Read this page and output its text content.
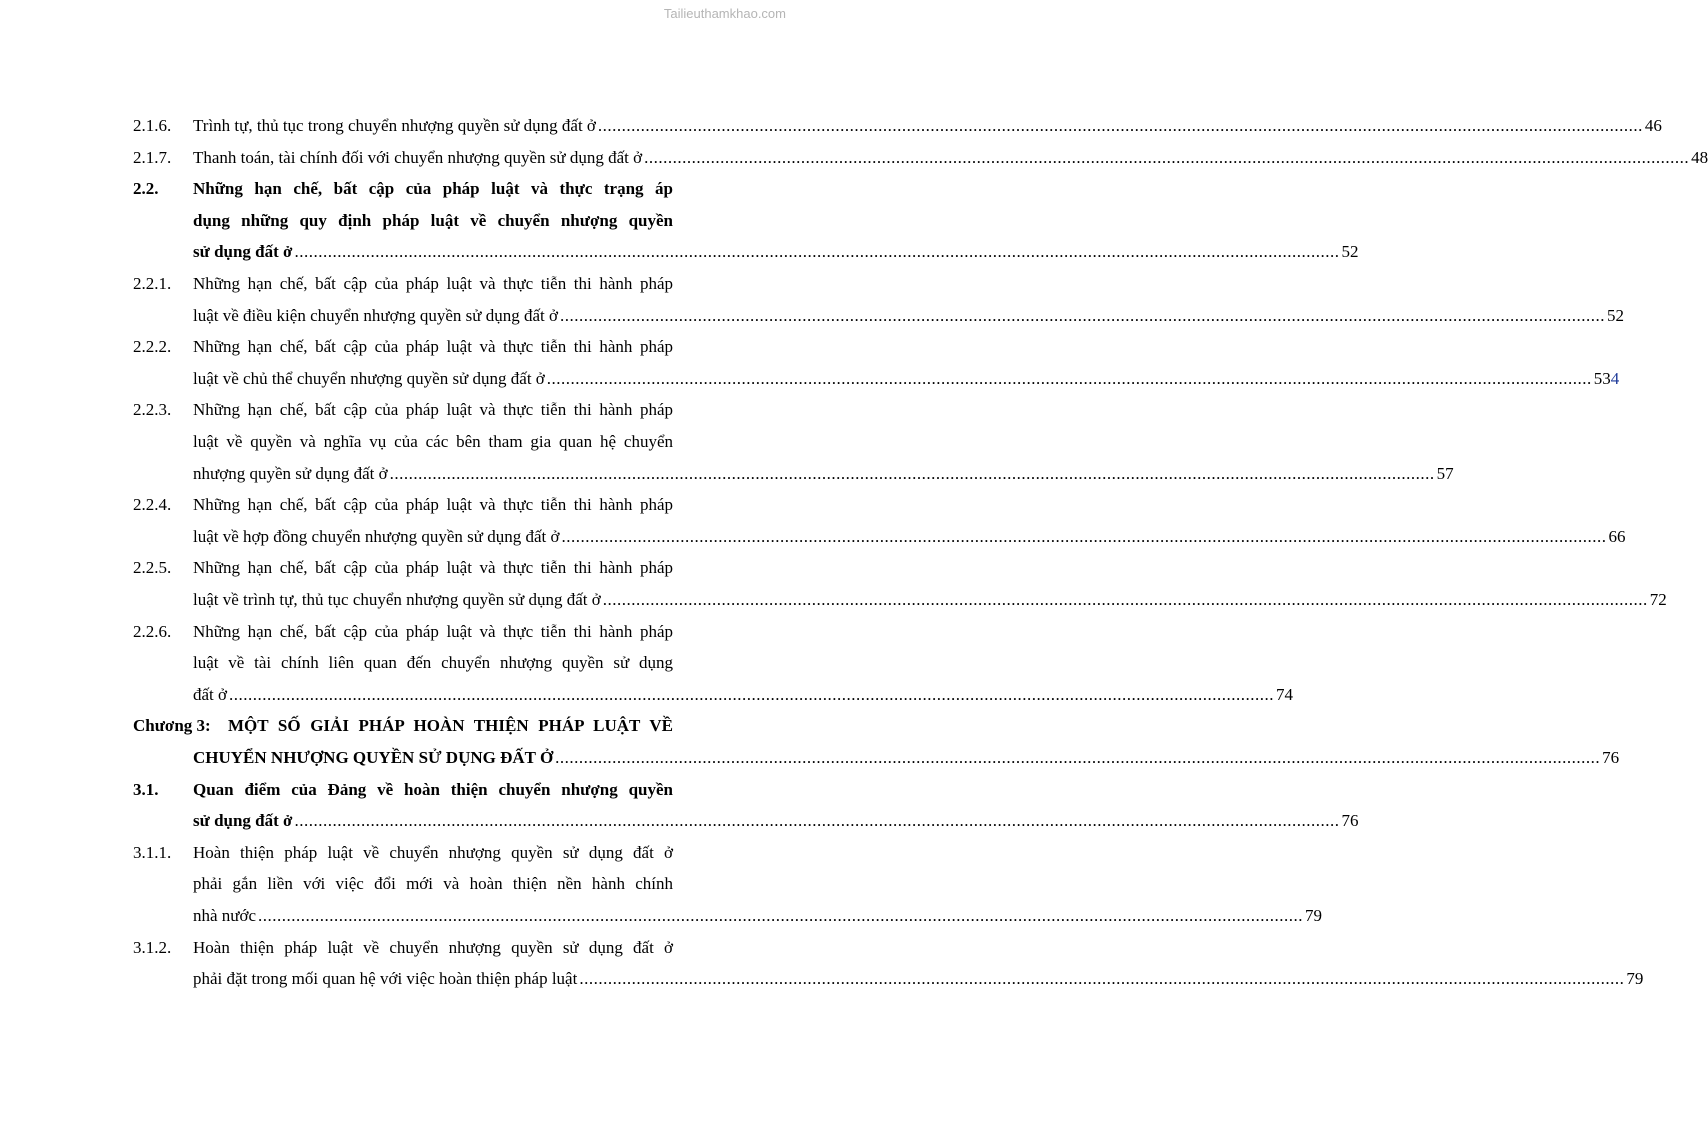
Tailieuthamkhao.com
2.1.6. Trình tự, thủ tục trong chuyển nhượng quyền sử dụng đất ở ............................................................................................................................................................................................................................ 46
2.1.7. Thanh toán, tài chính đối với chuyển nhượng quyền sử dụng đất ở ............................................................................................................................................................................................................................ 48
2.2. Những hạn chế, bất cập của pháp luật và thực trạng áp
dụng những quy định pháp luật về chuyển nhượng quyền
sử dụng đất ở ............................................................................................................................................................................................................................ 52
2.2.1. Những hạn chế, bất cập của pháp luật và thực tiễn thi hành pháp
luật về điều kiện chuyển nhượng quyền sử dụng đất ở ............................................................................................................................................................................................................................ 52
2.2.2. Những hạn chế, bất cập của pháp luật và thực tiễn thi hành pháp
luật về chủ thể chuyển nhượng quyền sử dụng đất ở ............................................................................................................................................................................................................................ 534
2.2.3. Những hạn chế, bất cập của pháp luật và thực tiễn thi hành pháp
luật về quyền và nghĩa vụ của các bên tham gia quan hệ chuyển
nhượng quyền sử dụng đất ở ............................................................................................................................................................................................................................ 57
2.2.4. Những hạn chế, bất cập của pháp luật và thực tiễn thi hành pháp
luật về hợp đồng chuyển nhượng quyền sử dụng đất ở ............................................................................................................................................................................................................................ 66
2.2.5. Những hạn chế, bất cập của pháp luật và thực tiễn thi hành pháp
luật về trình tự, thủ tục chuyển nhượng quyền sử dụng đất ở ............................................................................................................................................................................................................................ 72
2.2.6. Những hạn chế, bất cập của pháp luật và thực tiễn thi hành pháp
luật về tài chính liên quan đến chuyển nhượng quyền sử dụng
đất ở ............................................................................................................................................................................................................................ 74
Chương 3: MỘT SỐ GIẢI PHÁP HOÀN THIỆN PHÁP LUẬT VỀ
CHUYỂN NHƯỢNG QUYỀN SỬ DỤNG ĐẤT Ở ............................................................................................................................................................................................................................ 76
3.1. Quan điểm của Đảng về hoàn thiện chuyển nhượng quyền
sử dụng đất ở ............................................................................................................................................................................................................................ 76
3.1.1. Hoàn thiện pháp luật về chuyển nhượng quyền sử dụng đất ở
phải gắn liền với việc đổi mới và hoàn thiện nền hành chính
nhà nước ............................................................................................................................................................................................................................ 79
3.1.2. Hoàn thiện pháp luật về chuyển nhượng quyền sử dụng đất ở
phải đặt trong mối quan hệ với việc hoàn thiện pháp luật ............................................................................................................................................................................................................................ 79
